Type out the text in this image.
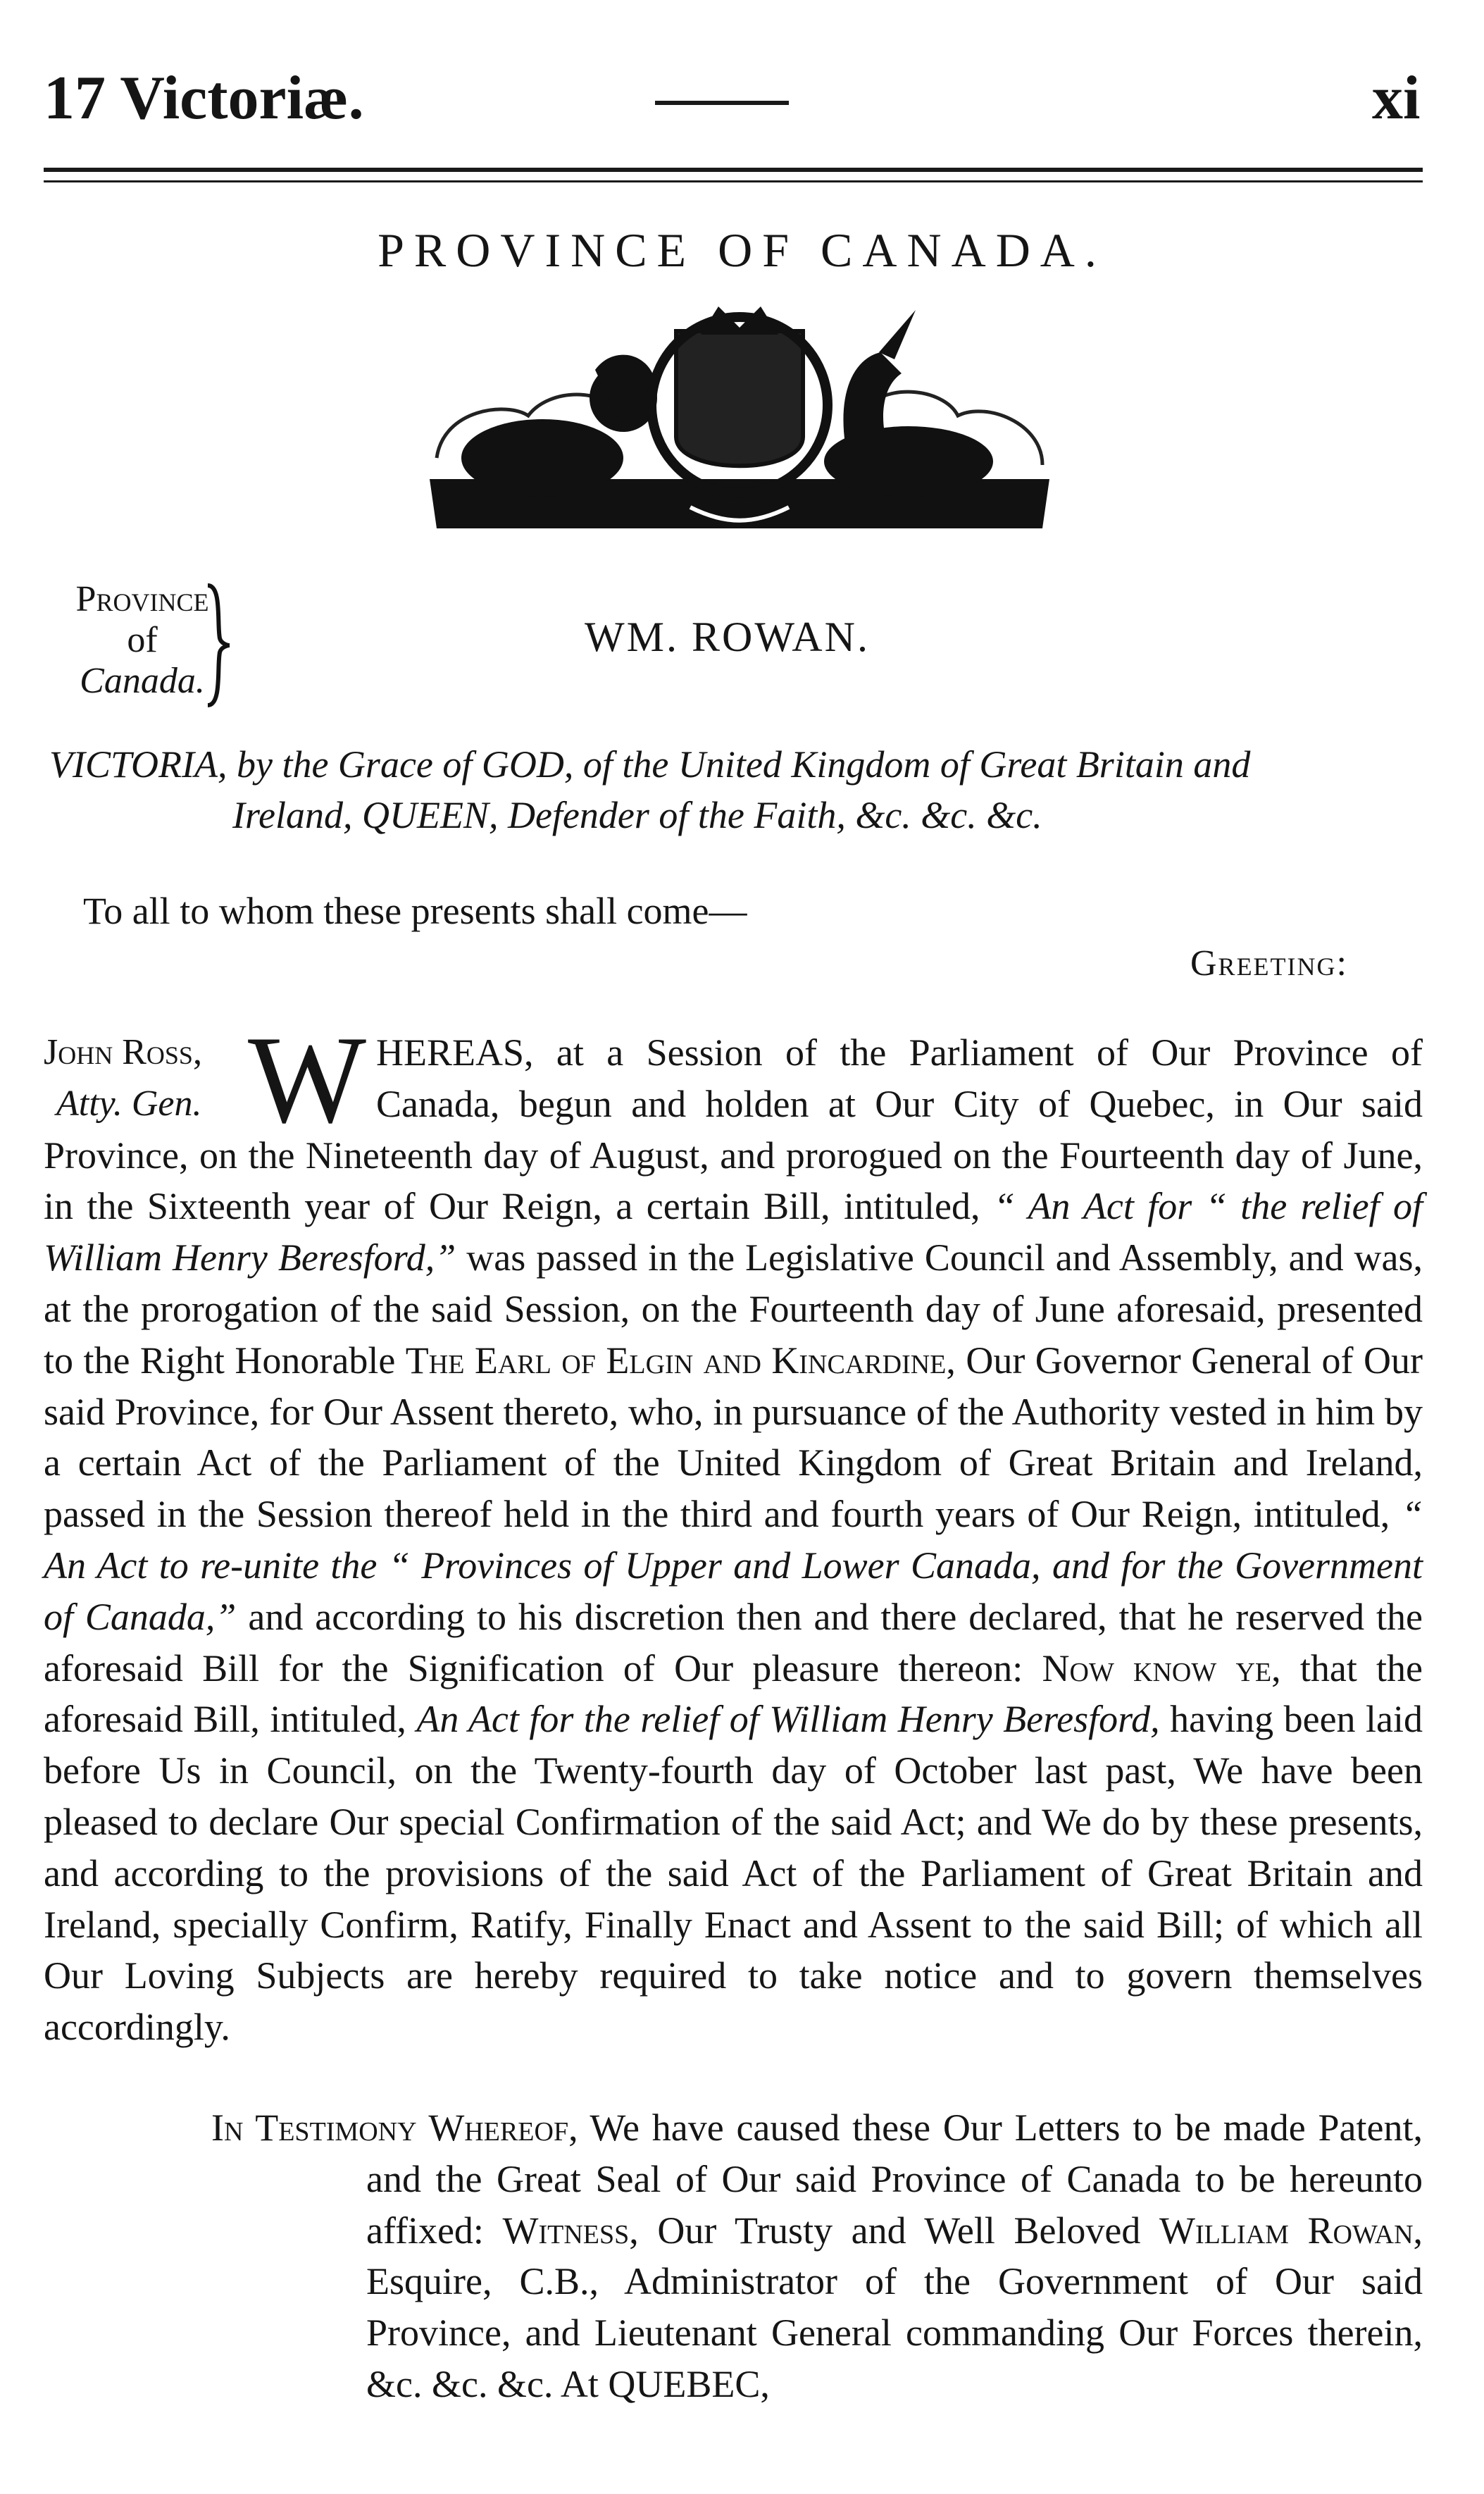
17 Victoriæ.	xi
PROVINCE OF CANADA.
Province
of
Canada.
WM. ROWAN.
VICTORIA, by the Grace of GOD, of the United Kingdom of Great Britain and
Ireland, QUEEN, Defender of the Faith, &c. &c. &c.
To all to whom these presents shall come—
Greeting:
John Ross,
Atty. Gen. W HEREAS, at a Session of the Parliament of Our Province of Canada, begun and holden at Our City of Quebec, in Our said Province, on the Nineteenth day of August, and prorogued on the Fourteenth day of June, in the Sixteenth year of Our Reign, a certain Bill, intituled, “ An Act for “ the relief of William Henry Beresford,” was passed in the Legislative Council and Assembly, and was, at the prorogation of the said Session, on the Fourteenth day of June aforesaid, presented to the Right Honorable The Earl of Elgin and Kincardine, Our Governor General of Our said Province, for Our Assent thereto, who, in pursuance of the Authority vested in him by a certain Act of the Parliament of the United Kingdom of Great Britain and Ireland, passed in the Session thereof held in the third and fourth years of Our Reign, intituled, “ An Act to re-unite the “ Provinces of Upper and Lower Canada, and for the Government of Canada,” and according to his discretion then and there declared, that he reserved the aforesaid Bill for the Signification of Our pleasure thereon: Now know ye, that the aforesaid Bill, intituled, An Act for the relief of William Henry Beresford, having been laid before Us in Council, on the Twenty-fourth day of October last past, We have been pleased to declare Our special Confirmation of the said Act; and We do by these presents, and according to the provisions of the said Act of the Parliament of Great Britain and Ireland, specially Confirm, Ratify, Finally Enact and Assent to the said Bill; of which all Our Loving Subjects are hereby required to take notice and to govern themselves accordingly.
In Testimony Whereof, We have caused these Our Letters to be made Patent, and the Great Seal of Our said Province of Canada to be hereunto affixed: Witness, Our Trusty and Well Beloved William Rowan, Esquire, C.B., Administrator of the Government of Our said Province, and Lieutenant General commanding Our Forces therein, &c. &c. &c. At QUEBEC,
